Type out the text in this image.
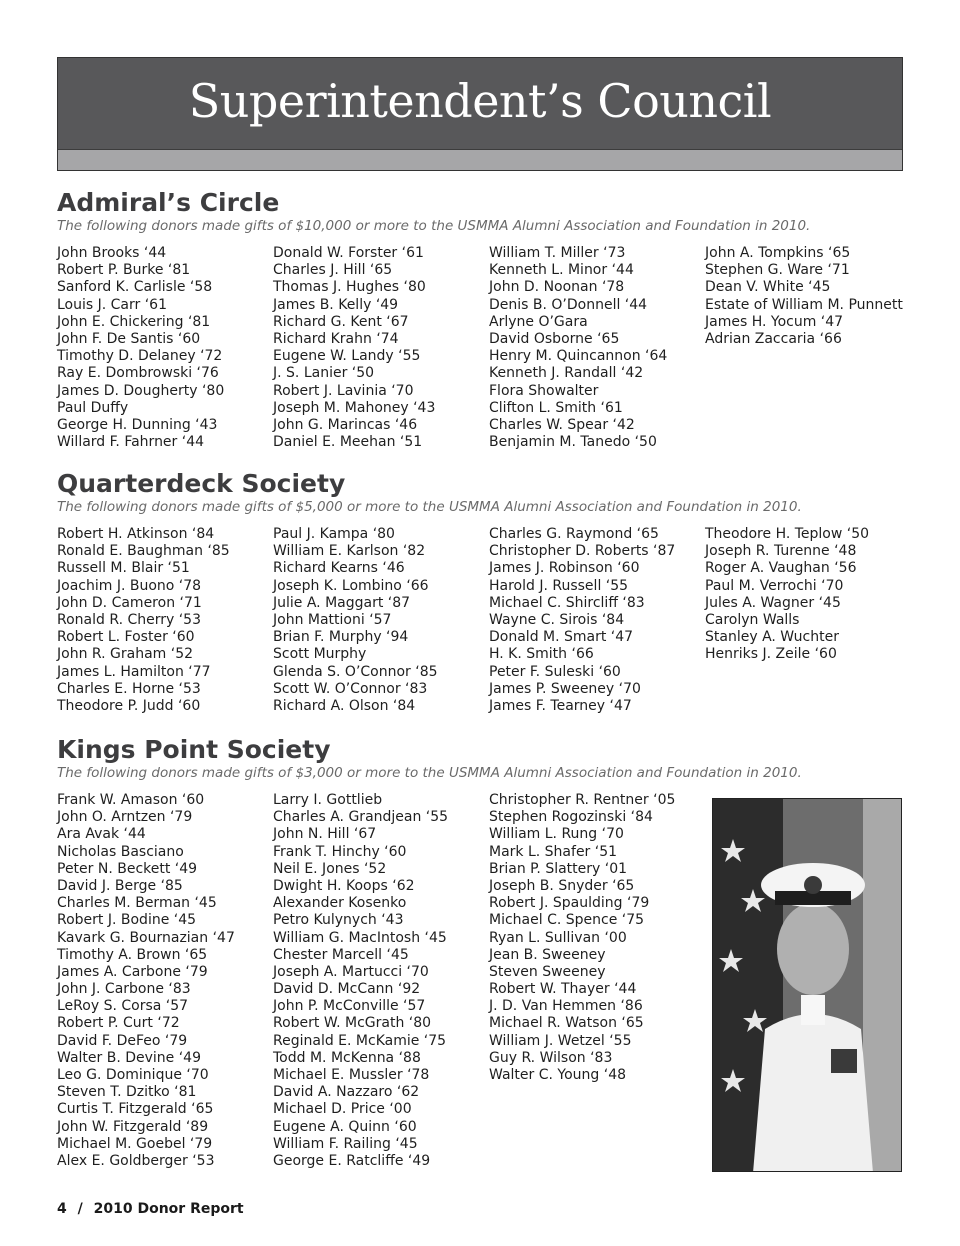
Superintendent’s Council
Admiral’s Circle

The following donors made gifts of $10,000 or more to the USMMA Alumni Association and Foundation in 2010.

John Brooks ‘44
Robert P. Burke ‘81
Sanford K. Carlisle ‘58
Louis J. Carr ‘61
John E. Chickering ‘81
John F. De Santis ‘60
Timothy D. Delaney ‘72
Ray E. Dombrowski ‘76
James D. Dougherty ‘80
Paul Duffy
George H. Dunning ‘43
Willard F. Fahrner ‘44
Donald W. Forster ‘61
Charles J. Hill ‘65
Thomas J. Hughes ‘80
James B. Kelly ‘49
Richard G. Kent ‘67
Richard Krahn ‘74
Eugene W. Landy ‘55
J. S. Lanier ‘50
Robert J. Lavinia ‘70
Joseph M. Mahoney ‘43
John G. Marincas ‘46
Daniel E. Meehan ‘51
William T. Miller ‘73
Kenneth L. Minor ‘44
John D. Noonan ‘78
Denis B. O’Donnell ‘44
Arlyne O’Gara
David Osborne ‘65
Henry M. Quincannon ‘64
Kenneth J. Randall ‘42
Flora Showalter
Clifton L. Smith ‘61
Charles W. Spear ‘42
Benjamin M. Tanedo ‘50
John A. Tompkins ‘65
Stephen G. Ware ‘71
Dean V. White ‘45
Estate of William M. Punnett
James H. Yocum ‘47
Adrian Zaccaria ‘66
Quarterdeck Society

The following donors made gifts of $5,000 or more to the USMMA Alumni Association and Foundation in 2010.

Robert H. Atkinson ‘84
Ronald E. Baughman ‘85
Russell M. Blair ‘51
Joachim J. Buono ‘78
John D. Cameron ‘71
Ronald R. Cherry ‘53
Robert L. Foster ‘60
John R. Graham ‘52
James L. Hamilton ‘77
Charles E. Horne ‘53
Theodore P. Judd ‘60
Paul J. Kampa ‘80
William E. Karlson ‘82
Richard Kearns ‘46
Joseph K. Lombino ‘66
Julie A. Maggart ‘87
John Mattioni ‘57
Brian F. Murphy ‘94
Scott Murphy
Glenda S. O’Connor ‘85
Scott W. O’Connor ‘83
Richard A. Olson ‘84
Charles G. Raymond ‘65
Christopher D. Roberts ‘87
James J. Robinson ‘60
Harold J. Russell ‘55
Michael C. Shircliff ‘83
Wayne C. Sirois ‘84
Donald M. Smart ‘47
H. K. Smith ‘66
Peter F. Suleski ‘60
James P. Sweeney ‘70
James F. Tearney ‘47
Theodore H. Teplow ‘50
Joseph R. Turenne ‘48
Roger A. Vaughan ‘56
Paul M. Verrochi ‘70
Jules A. Wagner ‘45
Carolyn Walls
Stanley A. Wuchter
Henriks J. Zeile ‘60
Kings Point Society

The following donors made gifts of $3,000 or more to the USMMA Alumni Association and Foundation in 2010.

Frank W. Amason ‘60
John O. Arntzen ‘79
Ara Avak ‘44
Nicholas Basciano
Peter N. Beckett ‘49
David J. Berge ‘85
Charles M. Berman ‘45
Robert J. Bodine ‘45
Kavark G. Bournazian ‘47
Timothy A. Brown ‘65
James A. Carbone ‘79
John J. Carbone ‘83
LeRoy S. Corsa ‘57
Robert P. Curt ‘72
David F. DeFeo ‘79
Walter B. Devine ‘49
Leo G. Dominique ‘70
Steven T. Dzitko ‘81
Curtis T. Fitzgerald ‘65
John W. Fitzgerald ‘89
Michael M. Goebel ‘79
Alex E. Goldberger ‘53
Larry I. Gottlieb
Charles A. Grandjean ‘55
John N. Hill ‘67
Frank T. Hinchy ‘60
Neil E. Jones ‘52
Dwight H. Koops ‘62
Alexander Kosenko
Petro Kulynych ‘43
William G. MacIntosh ‘45
Chester Marcell ‘45
Joseph A. Martucci ‘70
David D. McCann ‘92
John P. McConville ‘57
Robert W. McGrath ‘80
Reginald E. McKamie ‘75
Todd M. McKenna ‘88
Michael E. Mussler ‘78
David A. Nazzaro ‘62
Michael D. Price ‘00
Eugene A. Quinn ‘60
William F. Railing ‘45
George E. Ratcliffe ‘49
Christopher R. Rentner ‘05
Stephen Rogozinski ‘84
William L. Rung ‘70
Mark L. Shafer ‘51
Brian P. Slattery ‘01
Joseph B. Snyder ‘65
Robert J. Spaulding ‘79
Michael C. Spence ‘75
Ryan L. Sullivan ‘00
Jean B. Sweeney
Steven Sweeney
Robert W. Thayer ‘44
J. D. Van Hemmen ‘86
Michael R. Watson ‘65
William J. Wetzel ‘55
Guy R. Wilson ‘83
Walter C. Young ‘48
4 / 2010 Donor Report
